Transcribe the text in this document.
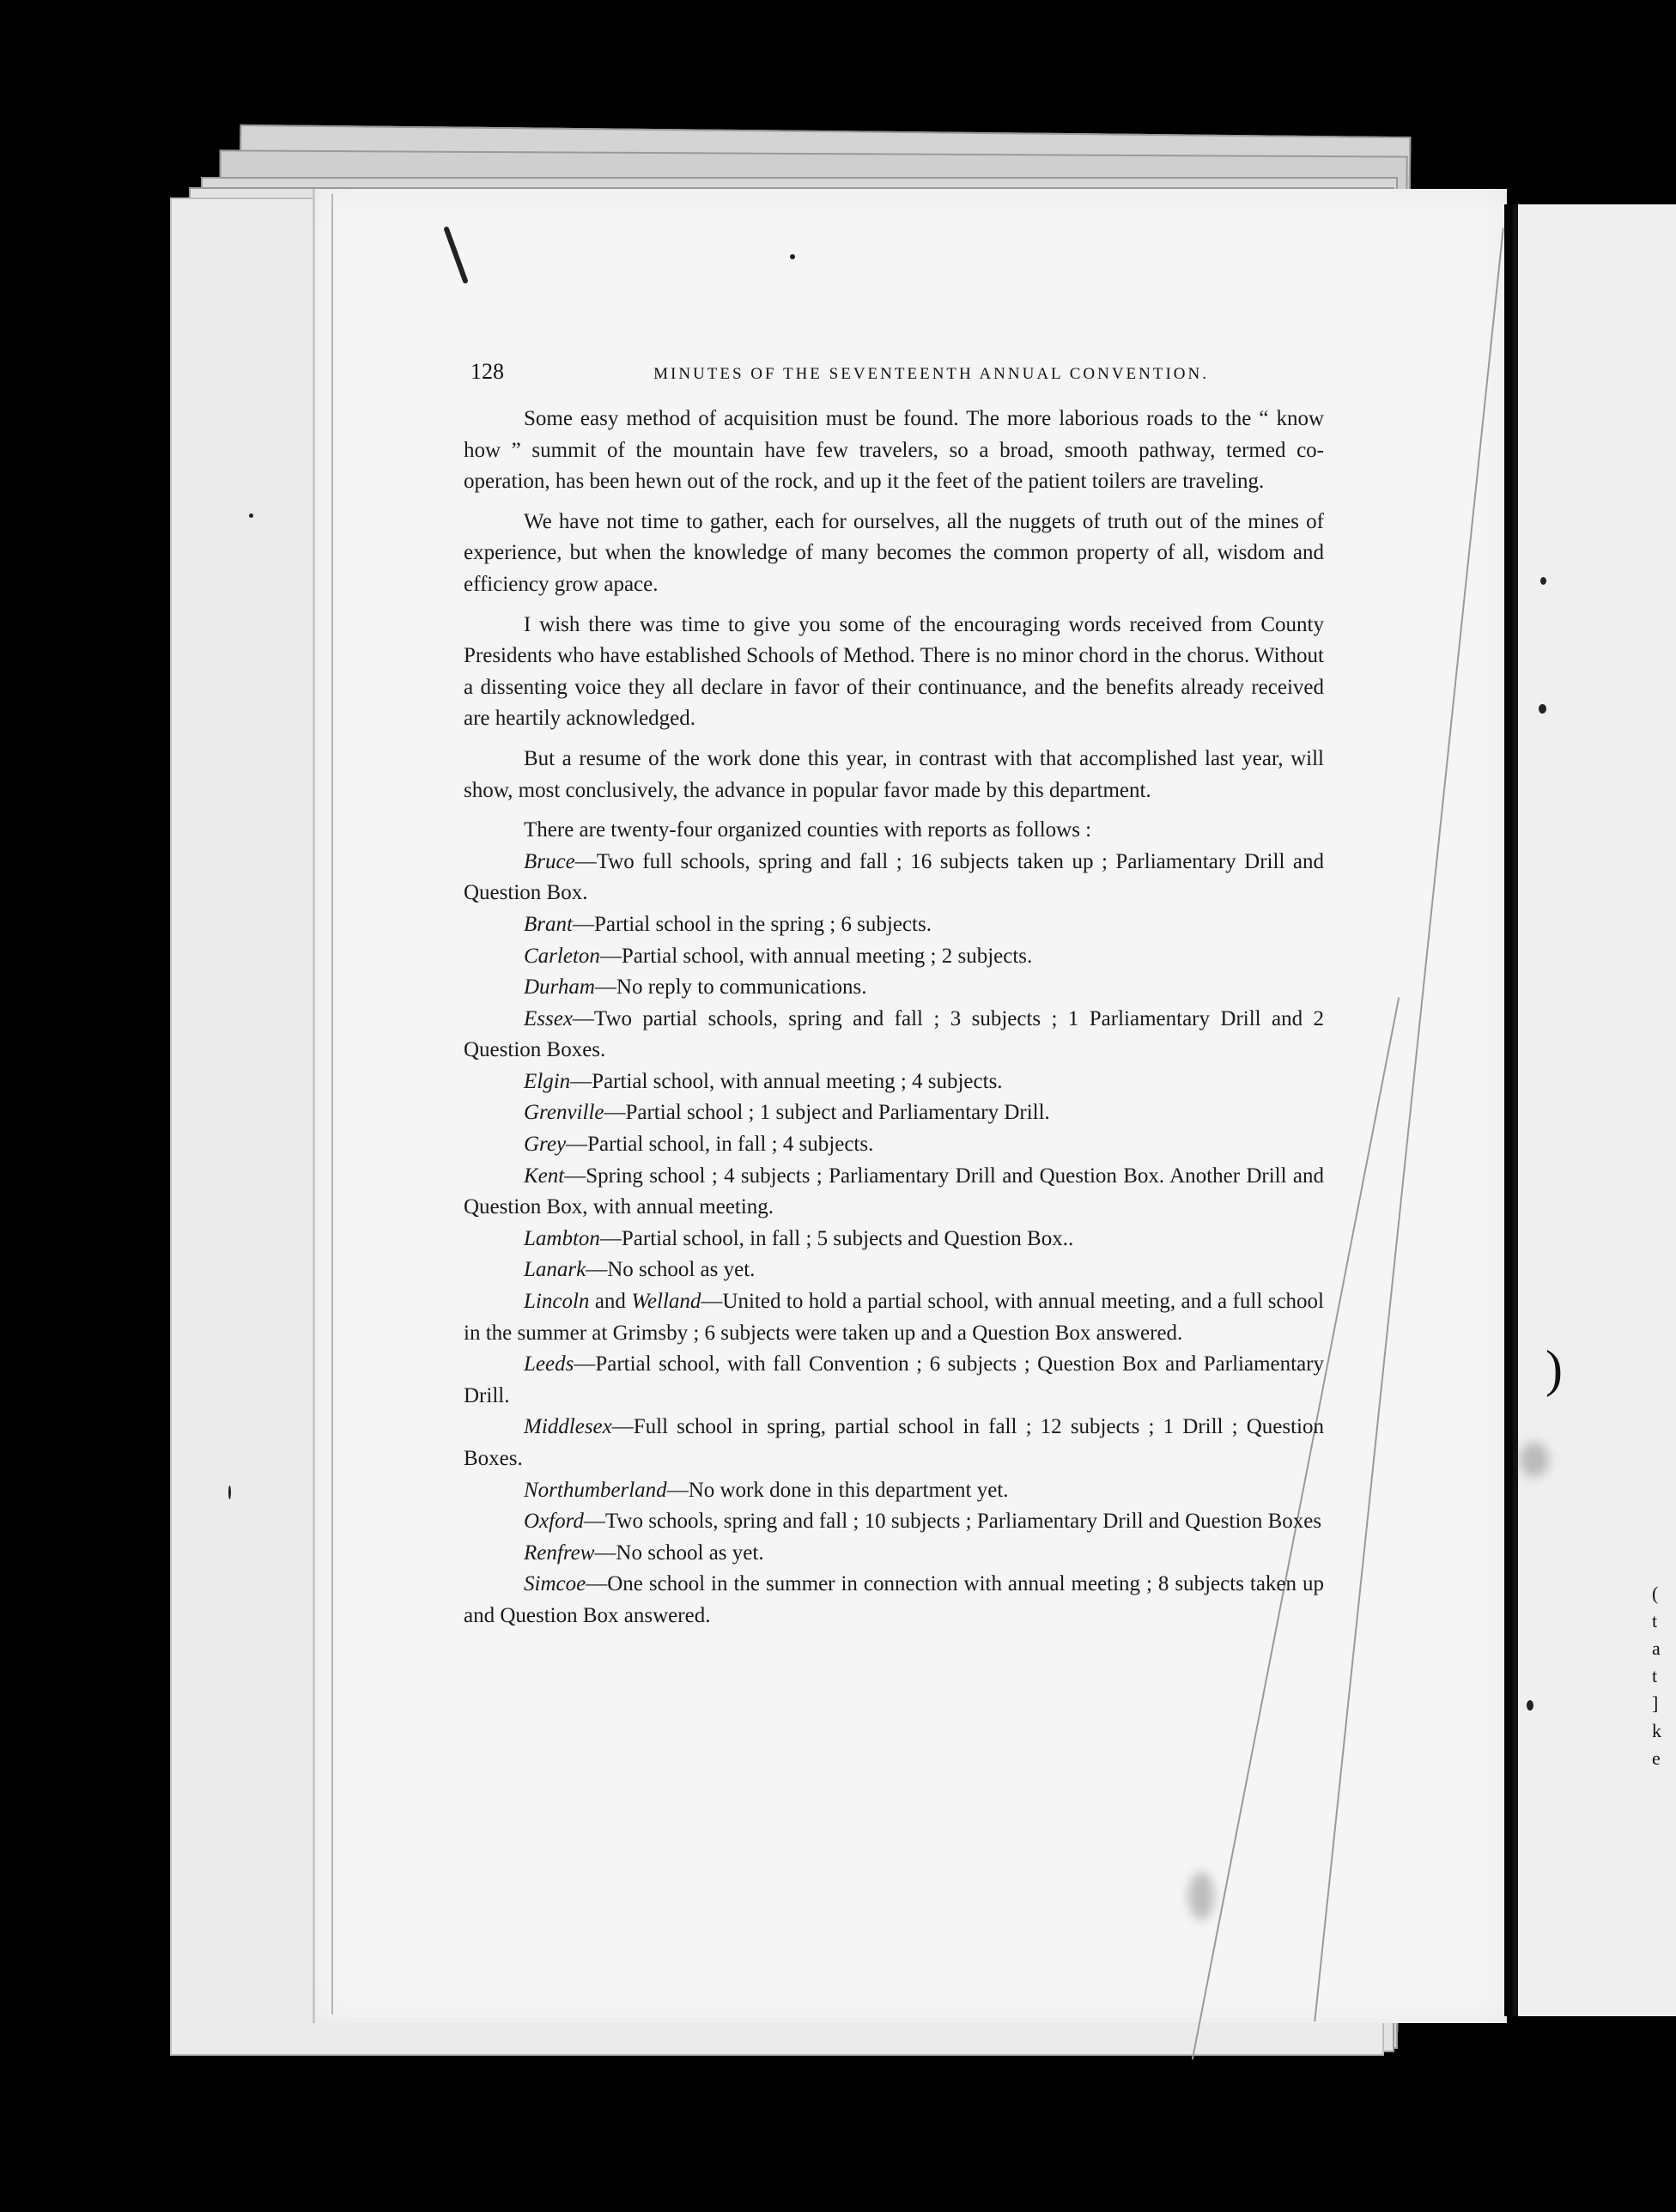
)
(
t
a
t
]
k
e
128	MINUTES OF THE SEVENTEENTH ANNUAL CONVENTION.

Some easy method of acquisition must be found. The more laborious roads to the “ know how ” summit of the mountain have few travelers, so a broad, smooth pathway, termed co-operation, has been hewn out of the rock, and up it the feet of the patient toilers are traveling.

We have not time to gather, each for ourselves, all the nuggets of truth out of the mines of experience, but when the knowledge of many becomes the common property of all, wisdom and efficiency grow apace.

I wish there was time to give you some of the encouraging words received from County Presidents who have established Schools of Method. There is no minor chord in the chorus. Without a dissenting voice they all declare in favor of their continuance, and the benefits already received are heartily acknowledged.

But a resume of the work done this year, in contrast with that accomplished last year, will show, most conclusively, the advance in popular favor made by this department.

There are twenty-four organized counties with reports as follows :

Bruce—Two full schools, spring and fall ; 16 subjects taken up ; Parliamentary Drill and Question Box.

Brant—Partial school in the spring ; 6 subjects.

Carleton—Partial school, with annual meeting ; 2 subjects.

Durham—No reply to communications.

Essex—Two partial schools, spring and fall ; 3 subjects ; 1 Parliamentary Drill and 2 Question Boxes.

Elgin—Partial school, with annual meeting ; 4 subjects.

Grenville—Partial school ; 1 subject and Parliamentary Drill.

Grey—Partial school, in fall ; 4 subjects.

Kent—Spring school ; 4 subjects ; Parliamentary Drill and Question Box. Another Drill and Question Box, with annual meeting.

Lambton—Partial school, in fall ; 5 subjects and Question Box..

Lanark—No school as yet.

Lincoln and Welland—United to hold a partial school, with annual meeting, and a full school in the summer at Grimsby ; 6 subjects were taken up and a Question Box answered.

Leeds—Partial school, with fall Convention ; 6 subjects ; Question Box and Parliamentary Drill.

Middlesex—Full school in spring, partial school in fall ; 12 subjects ; 1 Drill ; Question Boxes.

Northumberland—No work done in this department yet.

Oxford—Two schools, spring and fall ; 10 subjects ; Parliamentary Drill and Question Boxes

Renfrew—No school as yet.

Simcoe—One school in the summer in connection with annual meeting ; 8 subjects taken up and Question Box answered.
